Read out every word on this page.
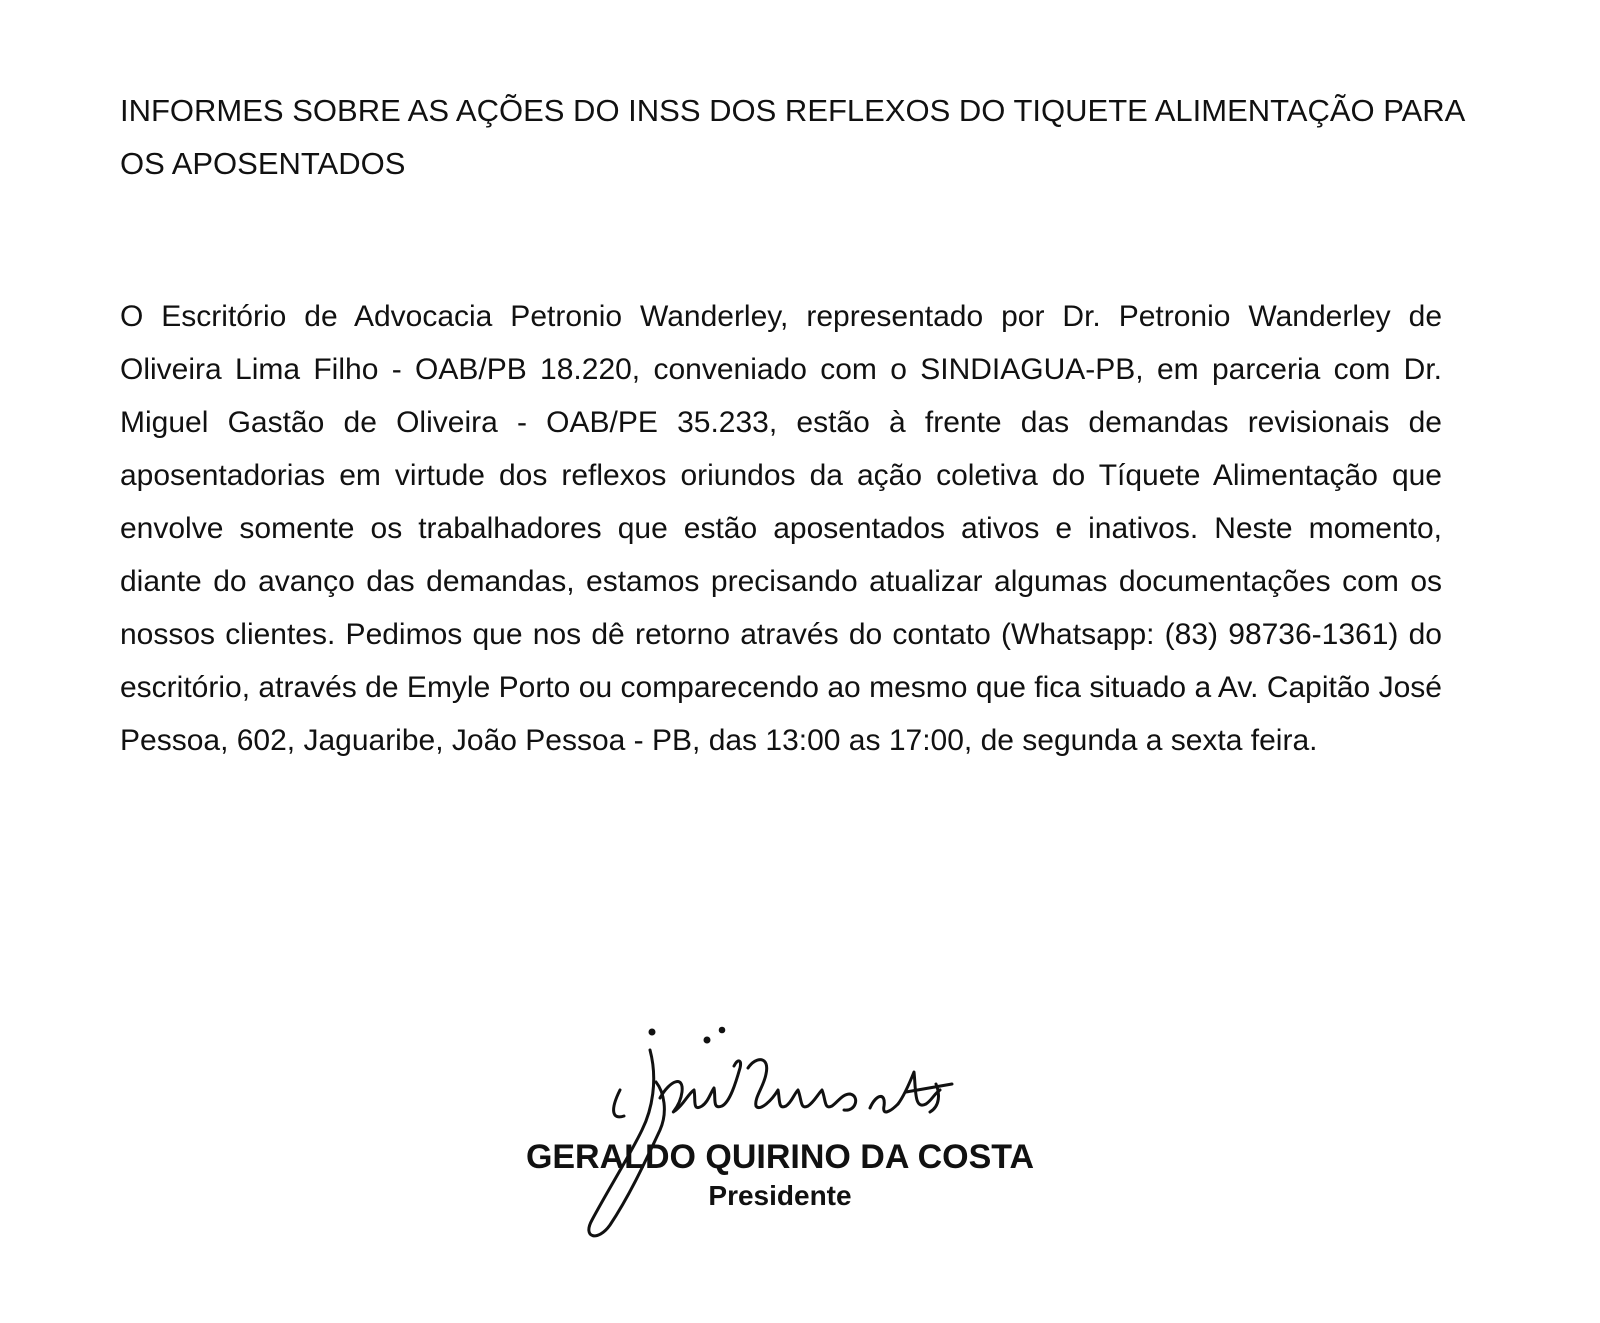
INFORMES SOBRE AS AÇÕES DO INSS DOS REFLEXOS DO TIQUETE ALIMENTAÇÃO PARA OS APOSENTADOS

O Escritório de Advocacia Petronio Wanderley, representado por Dr. Petronio Wanderley de Oliveira Lima Filho - OAB/PB 18.220, conveniado com o SINDIAGUA-PB, em parceria com Dr. Miguel Gastão de Oliveira - OAB/PE 35.233, estão à frente das demandas revisionais de aposentadorias em virtude dos reflexos oriundos da ação coletiva do Tíquete Alimentação que envolve somente os trabalhadores que estão aposentados ativos e inativos. Neste momento, diante do avanço das demandas, estamos precisando atualizar algumas documentações com os nossos clientes. Pedimos que nos dê retorno através do contato (Whatsapp: (83) 98736-1361) do escritório, através de Emyle Porto ou comparecendo ao mesmo que fica situado a Av. Capitão José Pessoa, 602, Jaguaribe, João Pessoa - PB, das 13:00 as 17:00, de segunda a sexta feira.

GERALDO QUIRINO DA COSTA
Presidente
